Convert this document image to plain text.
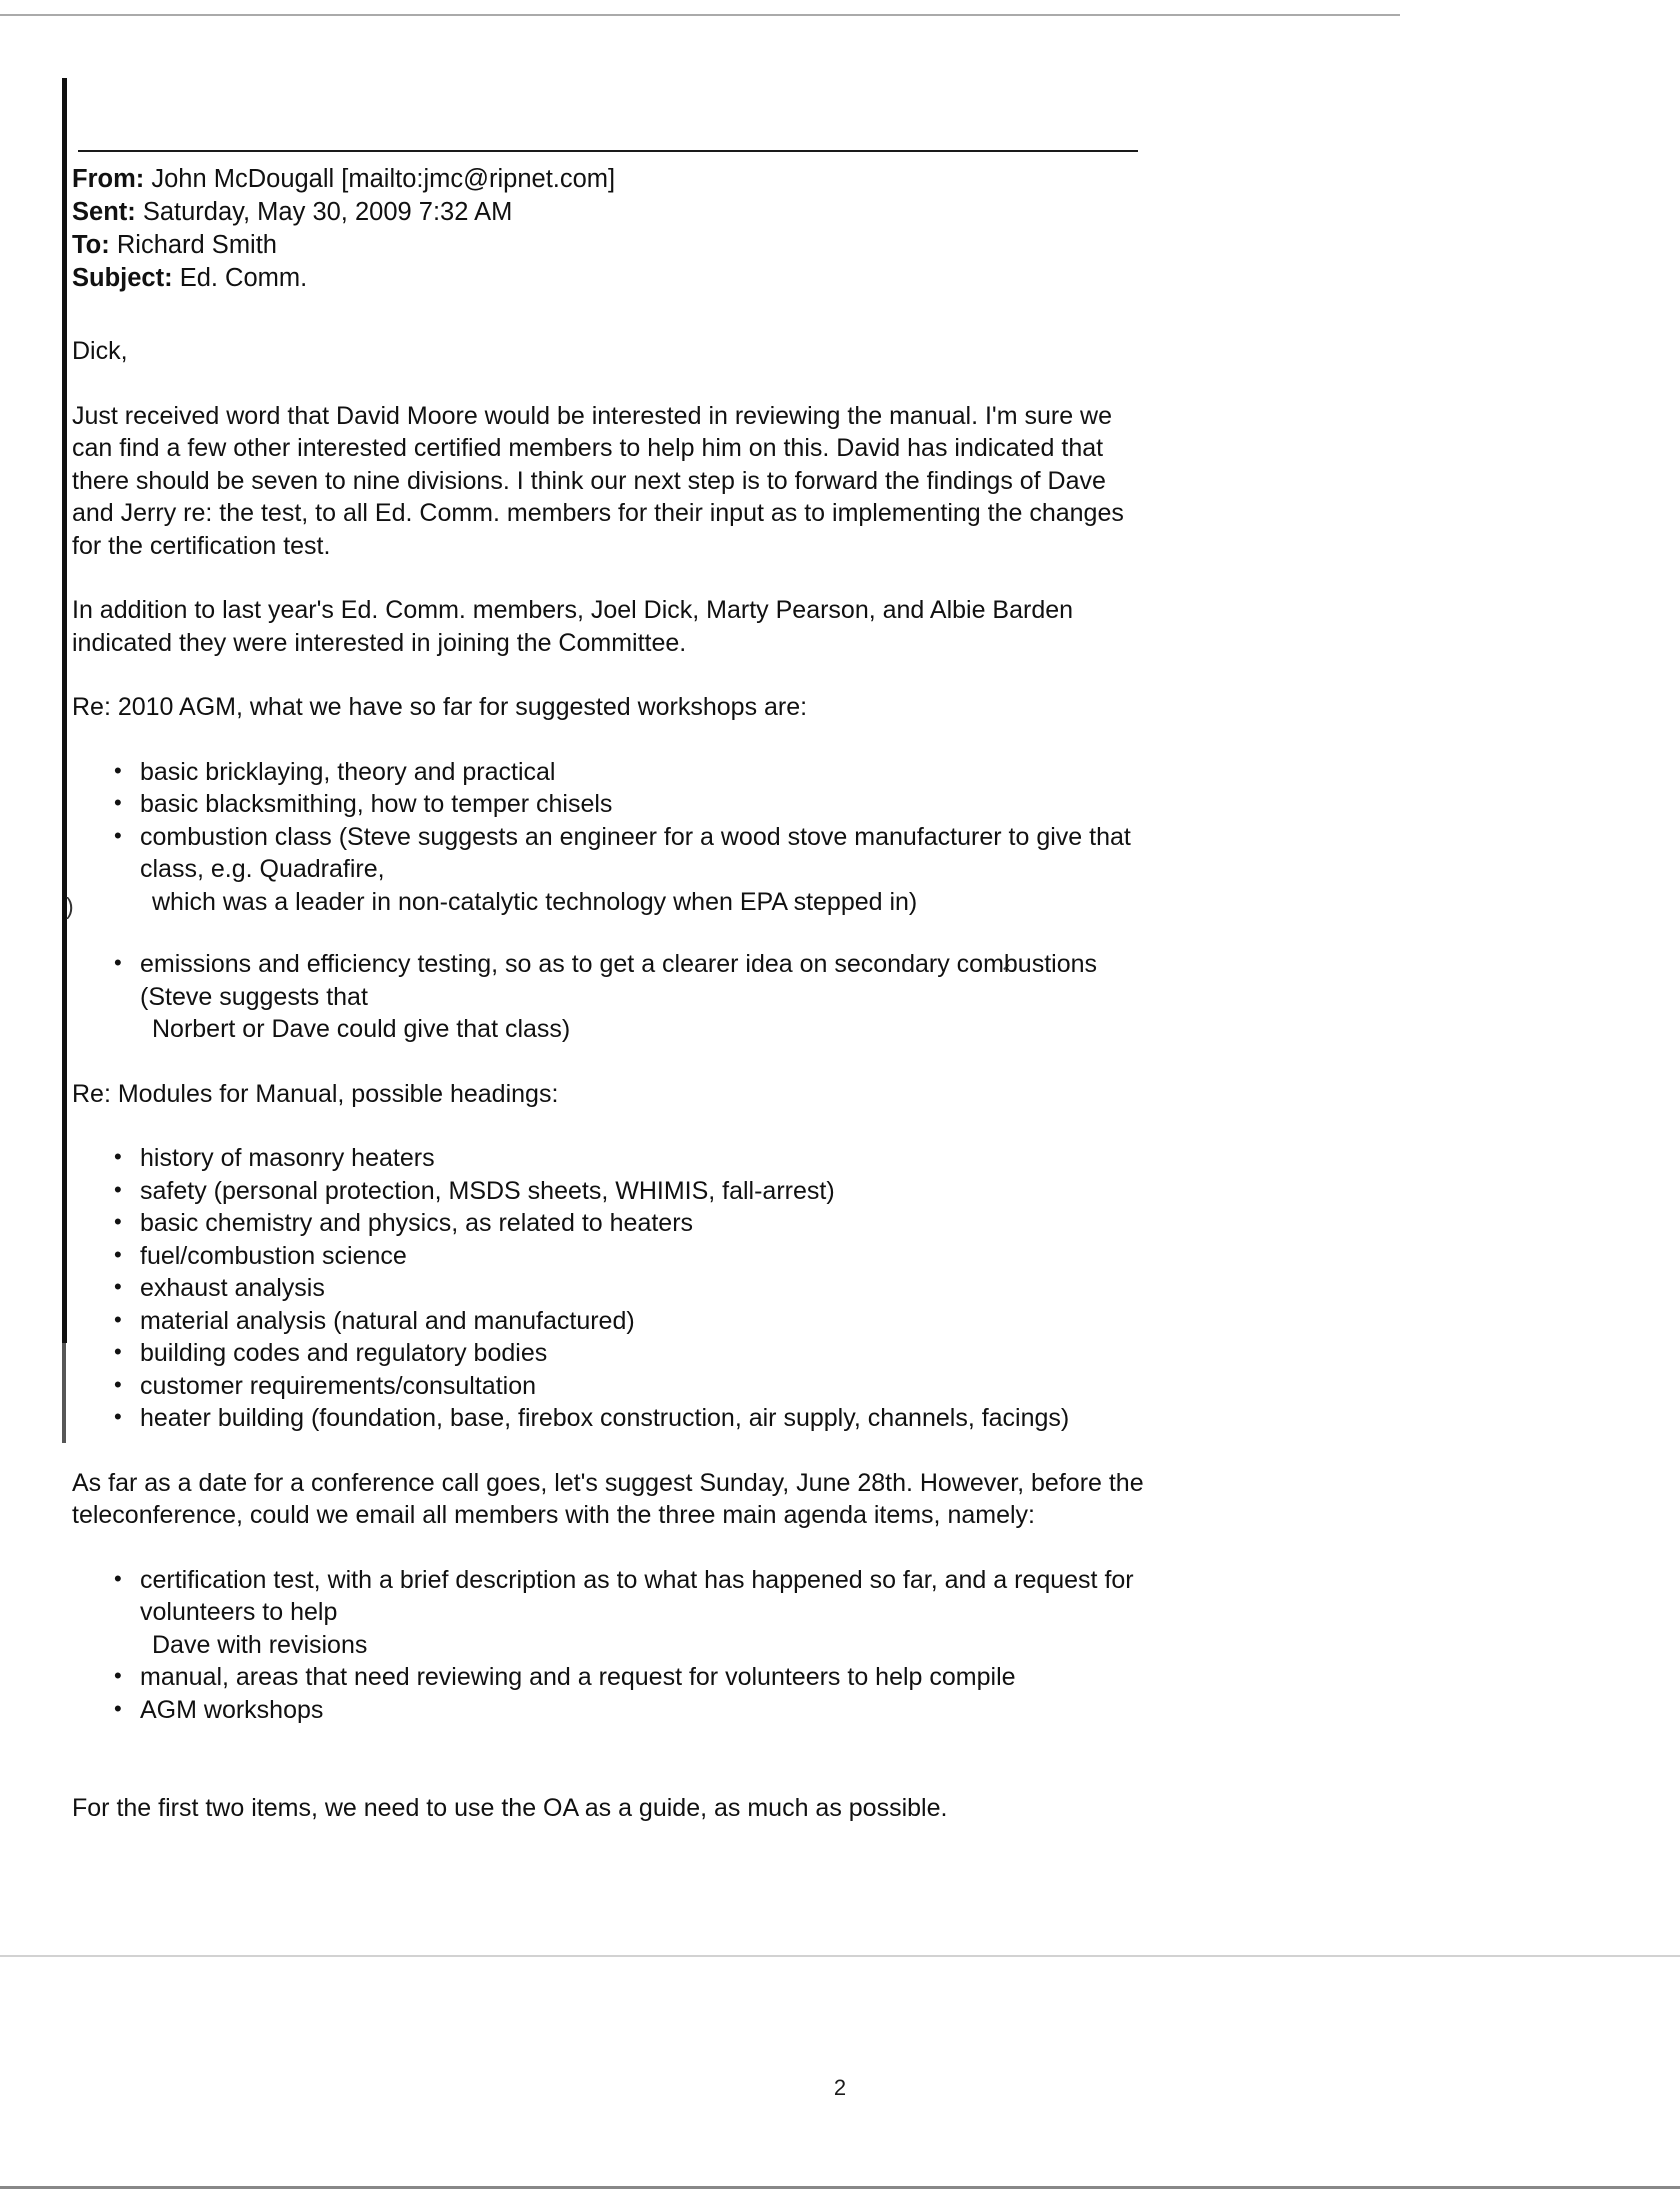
)
From: John McDougall [mailto:jmc@ripnet.com]
Sent: Saturday, May 30, 2009 7:32 AM
To: Richard Smith
Subject: Ed. Comm.

Dick,

Just received word that David Moore would be interested in reviewing the manual. I'm sure we can find a few other interested certified members to help him on this. David has indicated that there should be seven to nine divisions. I think our next step is to forward the findings of Dave and Jerry re: the test, to all Ed. Comm. members for their input as to implementing the changes for the certification test.

In addition to last year's Ed. Comm. members, Joel Dick, Marty Pearson, and Albie Barden indicated they were interested in joining the Committee.

Re: 2010 AGM, what we have so far for suggested workshops are:

• basic bricklaying, theory and practical
• basic blacksmithing, how to temper chisels
• combustion class (Steve suggests an engineer for a wood stove manufacturer to give that class, e.g. Quadrafire,
which was a leader in non-catalytic technology when EPA stepped in)
• emissions and efficiency testing, so as to get a clearer idea on secondary combustions (Steve suggests that
Norbert or Dave could give that class)

Re: Modules for Manual, possible headings:

• history of masonry heaters
• safety (personal protection, MSDS sheets, WHIMIS, fall-arrest)
• basic chemistry and physics, as related to heaters
• fuel/combustion science
• exhaust analysis
• material analysis (natural and manufactured)
• building codes and regulatory bodies
• customer requirements/consultation
• heater building (foundation, base, firebox construction, air supply, channels, facings)

As far as a date for a conference call goes, let's suggest Sunday, June 28th. However, before the teleconference, could we email all members with the three main agenda items, namely:

• certification test, with a brief description as to what has happened so far, and a request for volunteers to help
Dave with revisions
• manual, areas that need reviewing and a request for volunteers to help compile
• AGM workshops

For the first two items, we need to use the OA as a guide, as much as possible.

2
